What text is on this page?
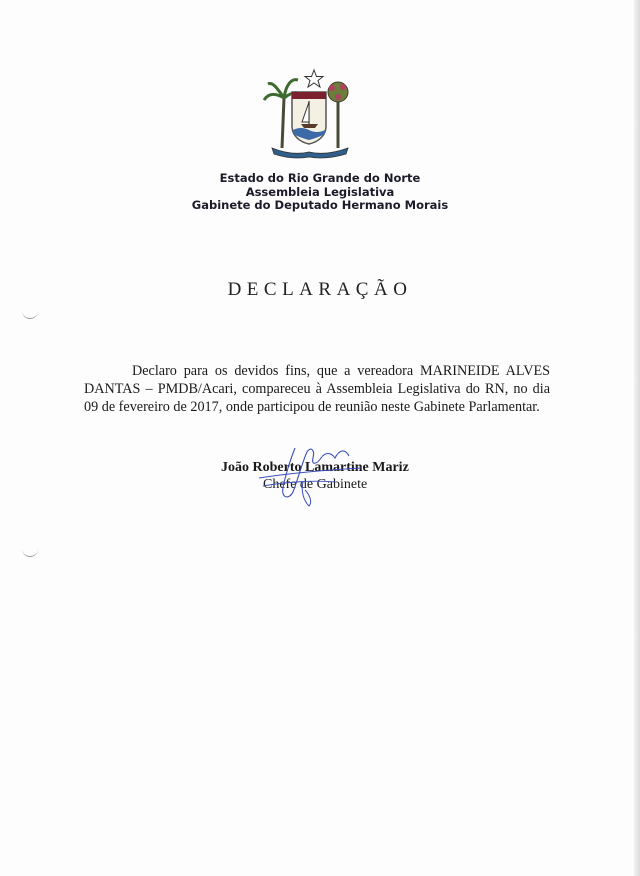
Estado do Rio Grande do Norte
Assembleia Legislativa
Gabinete do Deputado Hermano Morais
DECLARAÇÃO

Declaro para os devidos fins, que a vereadora MARINEIDE ALVES DANTAS – PMDB/Acari, compareceu à Assembleia Legislativa do RN, no dia 09 de fevereiro de 2017, onde participou de reunião neste Gabinete Parlamentar.

João Roberto Lamartine Mariz
Chefe de Gabinete
